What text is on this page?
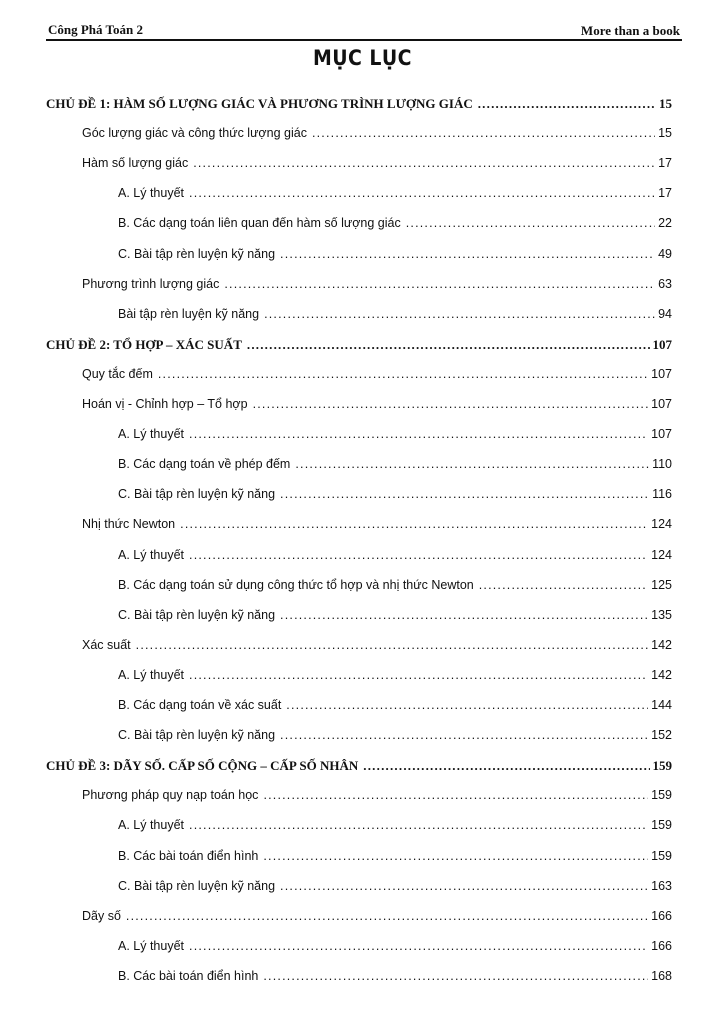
Công Phá Toán 2	More than a book
MỤC LỤC
CHỦ ĐỀ 1: HÀM SỐ LƯỢNG GIÁC VÀ PHƯƠNG TRÌNH LƯỢNG GIÁC .....	15
Góc lượng giác và công thức lượng giác .....	15
Hàm số lượng giác .....	17
A. Lý thuyết .....	17
B. Các dạng toán liên quan đến hàm số lượng giác .....	22
C. Bài tập rèn luyện kỹ năng .....	49
Phương trình lượng giác .....	63
Bài tập rèn luyện kỹ năng .....	94
CHỦ ĐỀ 2: TỔ HỢP – XÁC SUẤT .....	107
Quy tắc đếm .....	107
Hoán vị - Chỉnh hợp – Tổ hợp .....	107
A. Lý thuyết .....	107
B. Các dạng toán về phép đếm .....	110
C. Bài tập rèn luyện kỹ năng .....	116
Nhị thức Newton .....	124
A. Lý thuyết .....	124
B. Các dạng toán sử dụng công thức tổ hợp và nhị thức Newton .....	125
C. Bài tập rèn luyện kỹ năng .....	135
Xác suất .....	142
A. Lý thuyết .....	142
B. Các dạng toán về xác suất .....	144
C. Bài tập rèn luyện kỹ năng .....	152
CHỦ ĐỀ 3: DÃY SỐ. CẤP SỐ CỘNG – CẤP SỐ NHÂN .....	159
Phương pháp quy nạp toán học .....	159
A. Lý thuyết .....	159
B. Các bài toán điển hình .....	159
C. Bài tập rèn luyện kỹ năng .....	163
Dãy số .....	166
A. Lý thuyết .....	166
B. Các bài toán điển hình .....	168
